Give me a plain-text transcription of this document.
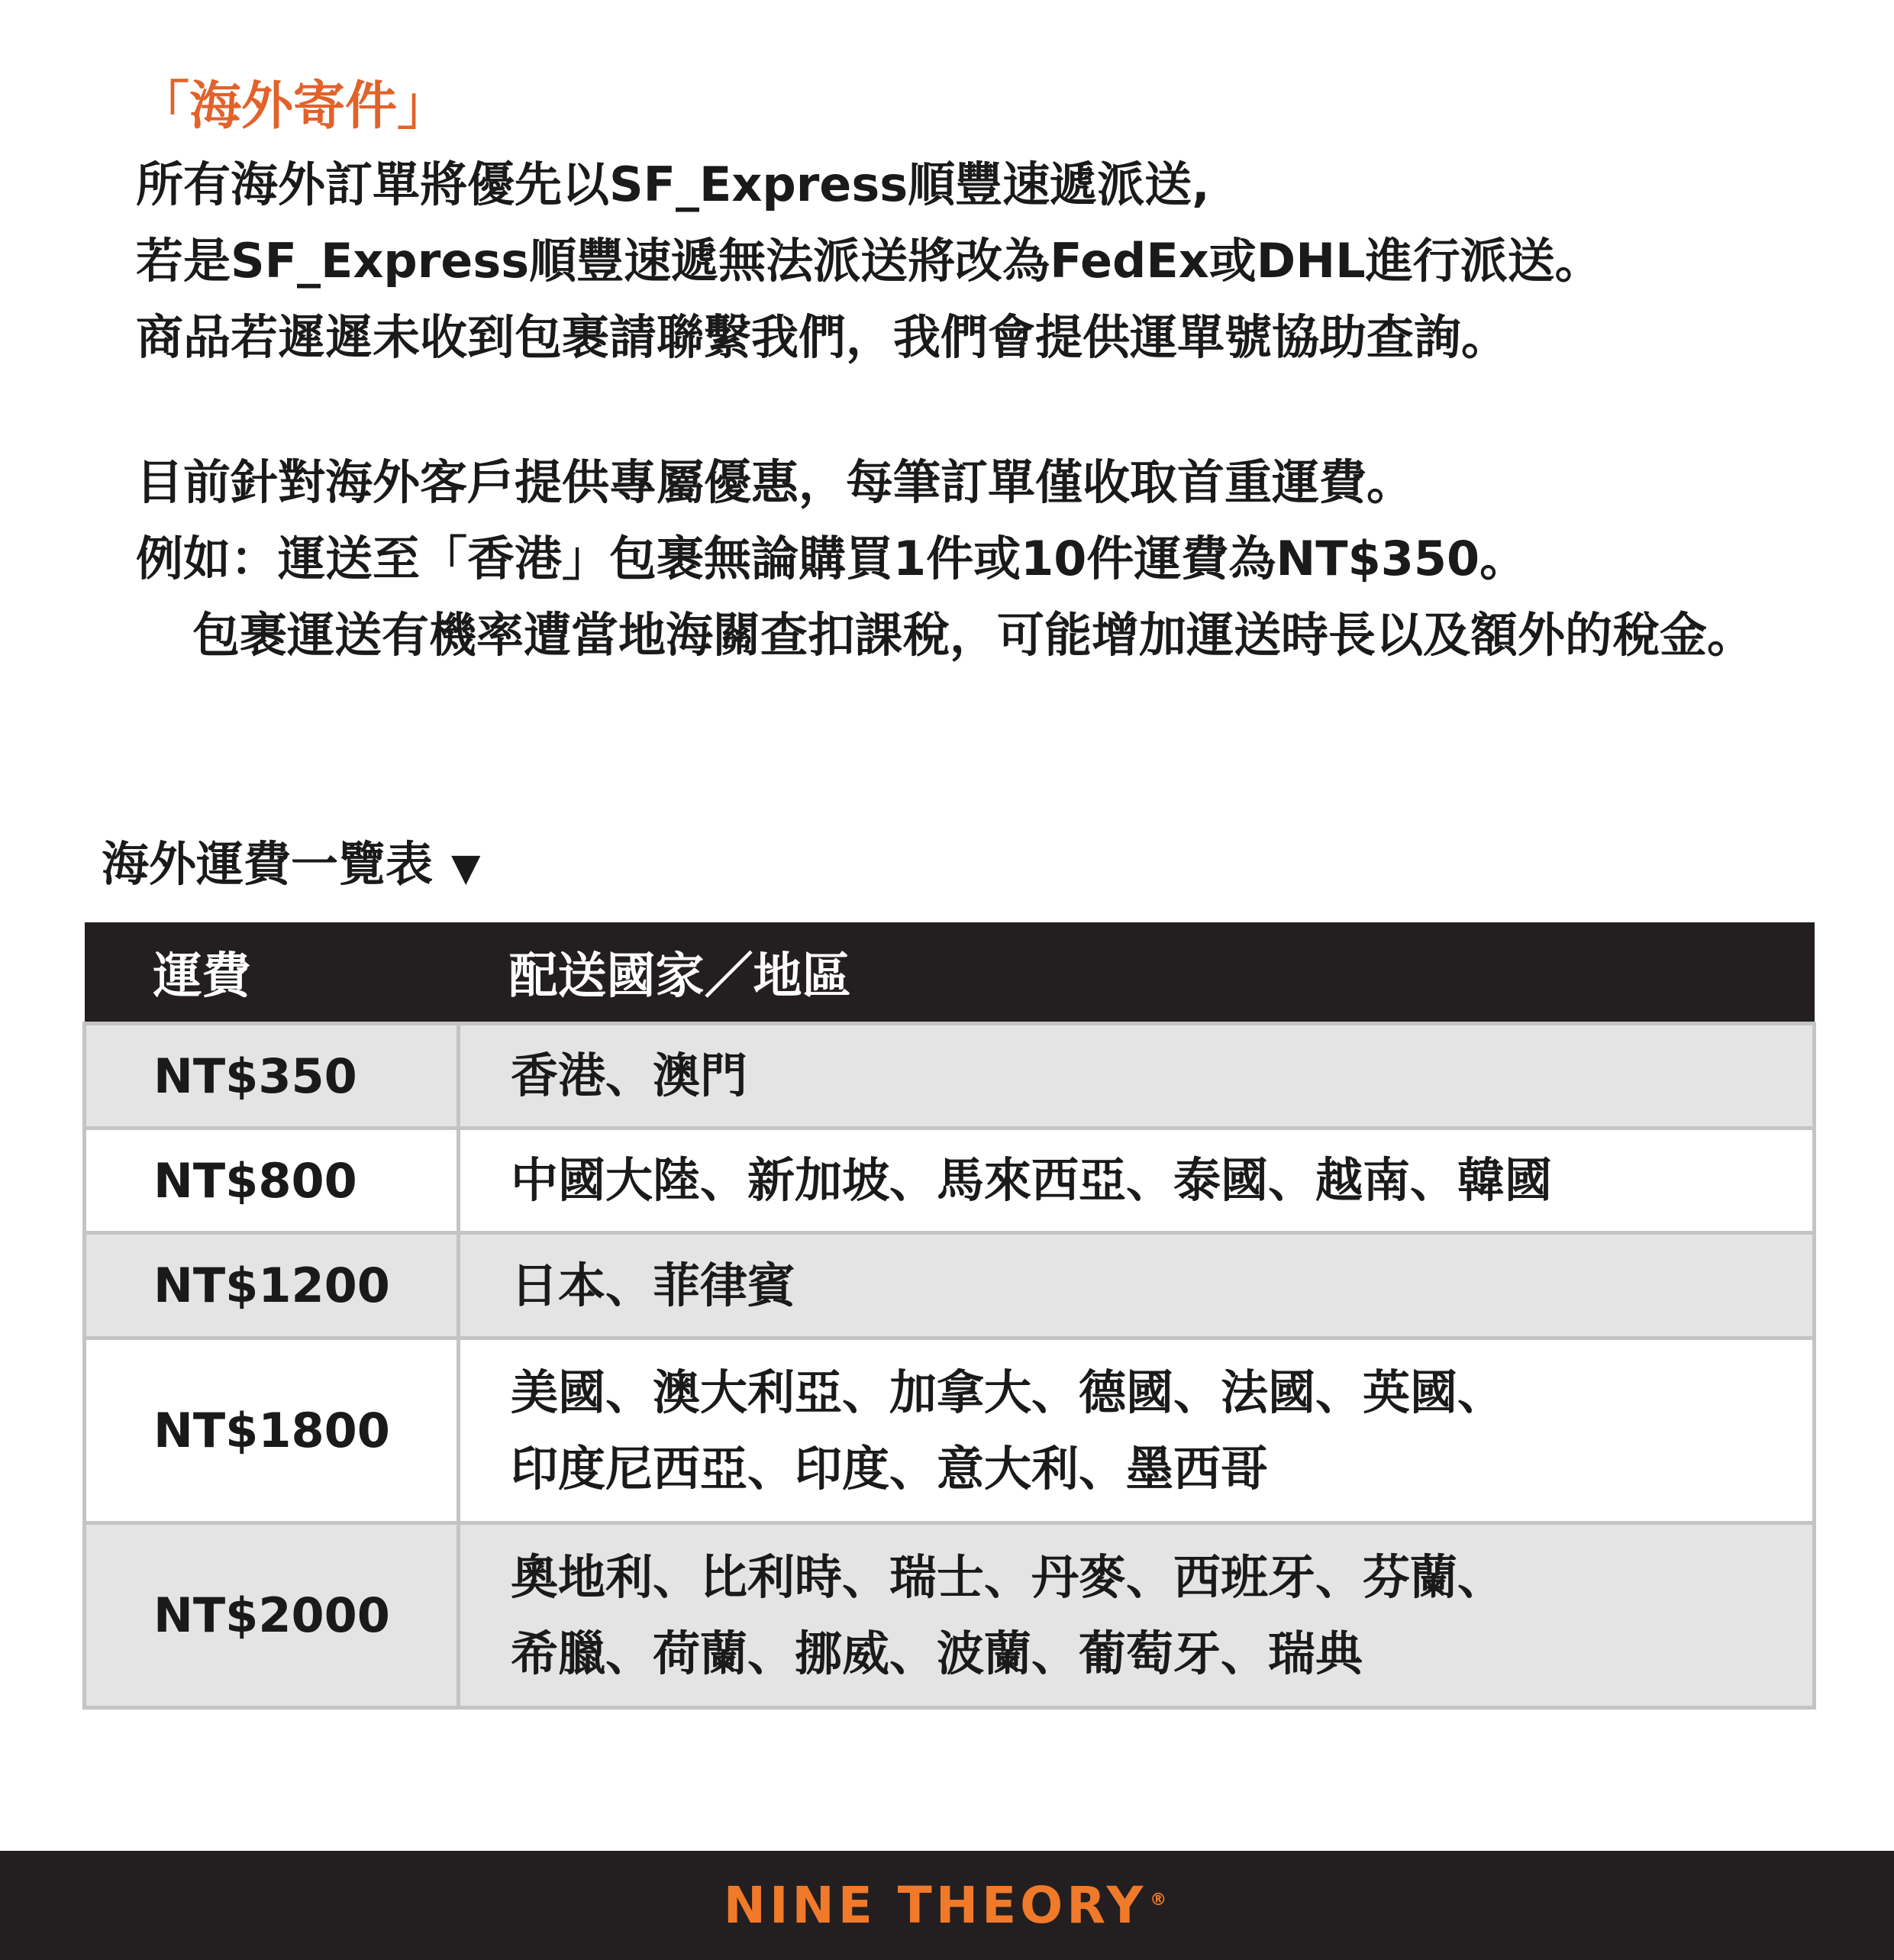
「海外寄件」

所有海外訂單將優先以SF_Express順豐速遞派送,

若是SF_Express順豐速遞無法派送將改為FedEx或DHL進行派送。

商品若遲遲未收到包裹請聯繫我們，我們會提供運單號協助查詢。

目前針對海外客戶提供專屬優惠，每筆訂單僅收取首重運費。

例如：運送至「香港」包裹無論購買1件或10件運費為NT$350。

包裹運送有機率遭當地海關查扣課稅，可能增加運送時長以及額外的稅金。

海外運費一覽表 ▼
運費	配送國家／地區
NT$350	香港、澳門

NT$800	中國大陸、新加坡、馬來西亞、泰國、越南、韓國

NT$1200	日本、菲律賓

NT$1800	美國、澳大利亞、加拿大、德國、法國、英國、
印度尼西亞、印度、意大利、墨西哥

NT$2000	奧地利、比利時、瑞士、丹麥、西班牙、芬蘭、
希臘、荷蘭、挪威、波蘭、葡萄牙、瑞典
NINE THEORY ®
